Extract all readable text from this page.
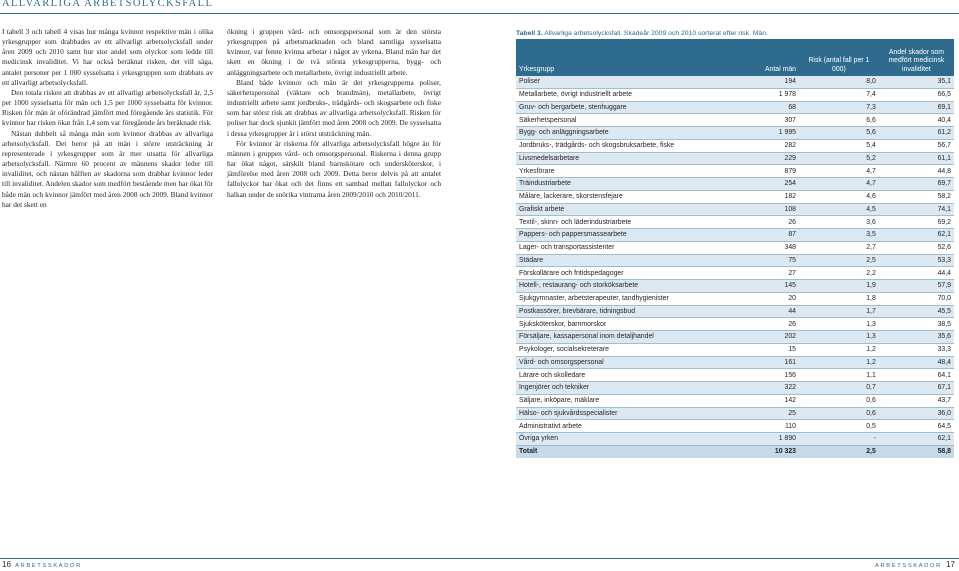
ALLVARLIGA ARBETSOLYCKSFALL

I tabell 3 och tabell 4 visas hur många kvinnor respektive män i olika yrkesgrupper som drabbades av ett allvarligt arbetsolycksfall under åren 2009 och 2010 samt hur stor andel som olyckor som ledde till medicinsk invaliditet. Vi har också beräknat risken, det vill säga, antalet personer per 1 000 sysselsatta i yrkesgruppen som drabbats av ett allvarligt arbetsolycksfall.

Den totala risken att drabbas av ett allvarligt arbetsolycksfall är, 2,5 per 1000 sysselsatta för män och 1,5 per 1000 sysselsatta för kvinnor. Risken för män är oförändrad jämfört med föregående års statistik. För kvinnor har risken ökat från 1,4 som var föregående års beräknade risk.

Nästan dubbelt så många män som kvinnor drabbas av allvarliga arbetsolycksfall. Det beror på att män i större utsträckning är representerade i yrkesgrupper som är mer utsatta för allvarliga arbetsolycksfall. Närmre 60 procent av männens skador leder till invaliditet, och nästan hälften av skadorna som drabbar kvinnor leder till invaliditet. Andelen skador som medfört bestående men har ökat för både män och kvinnor jämfört med åren 2008 och 2009. Bland kvinnor har det skett en

ökning i gruppen vård- och omsorgspersonal som är den största yrkesgruppen på arbetsmarknaden och bland samtliga sysselsatta kvinnor, var femte kvinna arbetar i något av yrkena. Bland män har det skett en ökning i de två största yrkesgrupperna, bygg- och anläggningsarbete och metallarbete, övrigt industriellt arbete.

Bland både kvinnor och män är det yrkesgrupperna poliser, säkerhetspersonal (väktare och brandmän), metallarbete, övrigt industriellt arbete samt jordbruks-, trädgårds- och skogsarbete och fiske som har störst risk att drabbas av allvarliga arbetsolycksfall. Risken för poliser har dock sjunkit jämfört med åren 2008 och 2009. De sysselsatta i dessa yrkesgrupper är i störst utsträckning män.

För kvinnor är riskerna för allvarliga arbetsolycksfall högre än för männen i gruppen vård- och omsorgspersonal. Riskerna i denna grupp har ökat något, särskilt bland barnskötare och undersköterskor, i jämförelse med åren 2008 och 2009. Detta beror delvis på att antalet fallolyckor har ökat och det finns ett sambad mellan fallolyckor och halkan under de snörika vintrarna åren 2009/2010 och 2010/2011.

Tabell 3. Allvarliga arbetsolycksfall. Skadeår 2009 och 2010 sorterat efter risk. Män.
Yrkesgrupp	Antal män	Risk (antal fall per 1 000)	Andel skador som medfört medicinsk invaliditet
Poliser	194	8,0	35,1
Metallarbete, övrigt industriellt arbete	1 978	7,4	66,5
Gruv- och bergarbete, stenhuggare	68	7,3	69,1
Säkerhetspersonal	307	6,6	40,4
Bygg- och anläggningsarbete	1 995	5,6	61,2
Jordbruks-, trädgårds- och skogsbruksarbete, fiske	282	5,4	56,7
Livsmedelsarbetare	229	5,2	61,1
Yrkesförare	879	4,7	44,8
Träindustriarbete	254	4,7	69,7
Målare, lackerare, skorstensfejare	182	4,6	58,2
Grafiskt arbete	108	4,5	74,1
Textil-, skinn- och läderindustriarbete	26	3,6	69,2
Pappers- och pappersmassearbete	87	3,5	62,1
Lager- och transportassistenter	348	2,7	52,6
Städare	75	2,5	53,3
Förskollärare och fritidspedagoger	27	2,2	44,4
Hotell-, restaurang- och storköksarbete	145	1,9	57,9
Sjukgymnaster, arbetsterapeuter, tandhygienister	20	1,8	70,0
Postkassörer, brevbärare, tidningsbud	44	1,7	45,5
Sjuksköterskor, barnmorskor	26	1,3	38,5
Försäljare, kassapersonal inom detaljhandel	202	1,3	35,6
Psykologer, socialsekreterare	15	1,2	33,3
Vård- och omsorgspersonal	161	1,2	48,4
Lärare och skolledare	156	1,1	64,1
Ingenjörer och tekniker	322	0,7	67,1
Säljare, inköpare, mäklare	142	0,6	43,7
Hälso- och sjukvårdsspecialister	25	0,6	36,0
Administrativt arbete	110	0,5	64,5
Övriga yrken	1 890	-	62,1
Totalt	10 323	2,5	58,8
16 ARBETSSKADOR	ARBETSSKADOR 17
